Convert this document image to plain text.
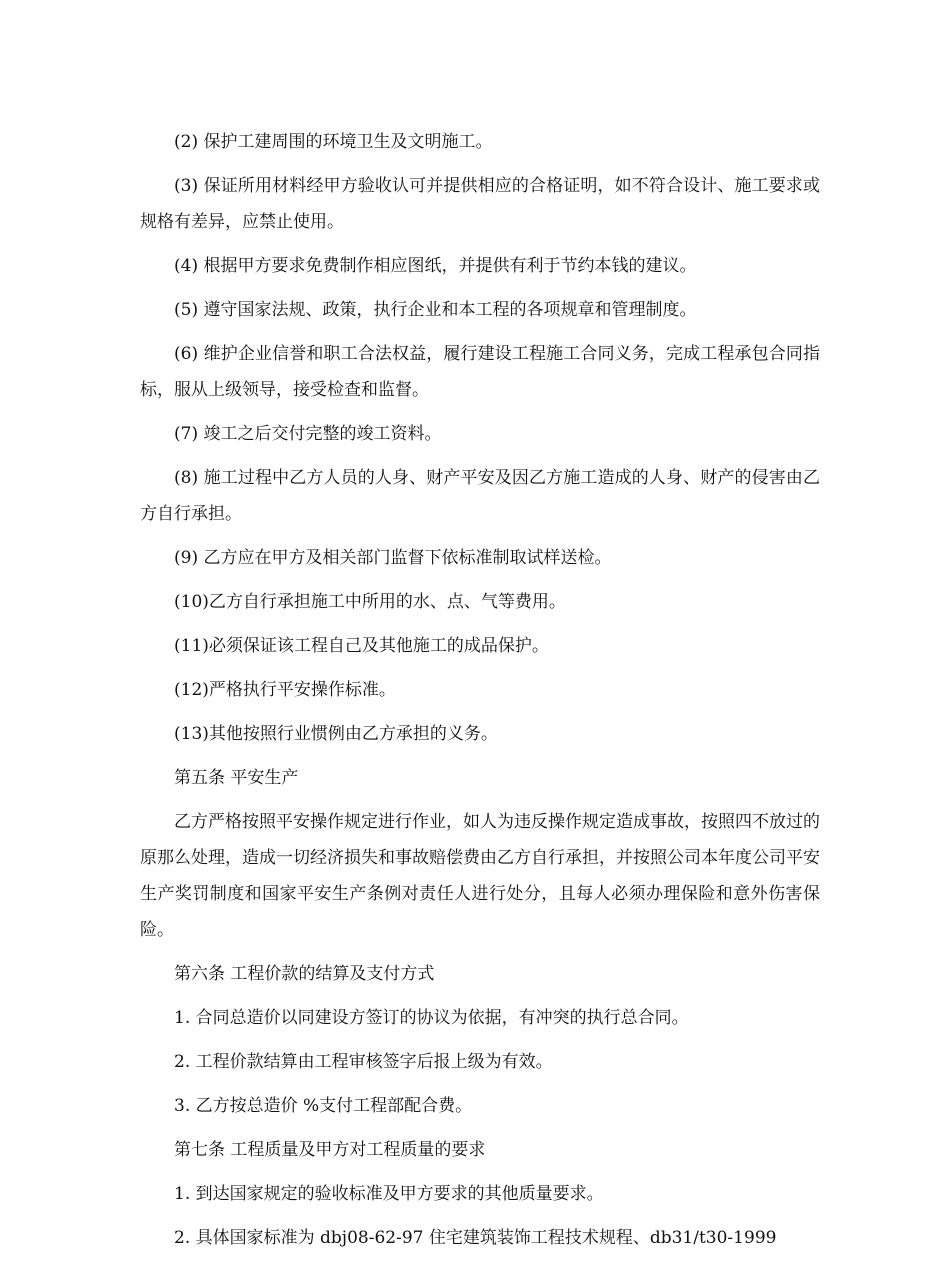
(2) 保护工建周围的环境卫生及文明施工。

(3) 保证所用材料经甲方验收认可并提供相应的合格证明，如不符合设计、施工要求或规格有差异，应禁止使用。

(4) 根据甲方要求免费制作相应图纸，并提供有利于节约本钱的建议。

(5) 遵守国家法规、政策，执行企业和本工程的各项规章和管理制度。

(6) 维护企业信誉和职工合法权益，履行建设工程施工合同义务，完成工程承包合同指标，服从上级领导，接受检查和监督。

(7) 竣工之后交付完整的竣工资料。

(8) 施工过程中乙方人员的人身、财产平安及因乙方施工造成的人身、财产的侵害由乙方自行承担。

(9) 乙方应在甲方及相关部门监督下依标准制取试样送检。

(10)乙方自行承担施工中所用的水、点、气等费用。

(11)必须保证该工程自己及其他施工的成品保护。

(12)严格执行平安操作标准。

(13)其他按照行业惯例由乙方承担的义务。

第五条 平安生产

乙方严格按照平安操作规定进行作业，如人为违反操作规定造成事故，按照四不放过的原那么处理，造成一切经济损失和事故赔偿费由乙方自行承担，并按照公司本年度公司平安生产奖罚制度和国家平安生产条例对责任人进行处分，且每人必须办理保险和意外伤害保险。

第六条 工程价款的结算及支付方式

1. 合同总造价以同建设方签订的协议为依据，有冲突的执行总合同。

2. 工程价款结算由工程审核签字后报上级为有效。

3. 乙方按总造价 %支付工程部配合费。

第七条 工程质量及甲方对工程质量的要求

1. 到达国家规定的验收标准及甲方要求的其他质量要求。

2. 具体国家标准为 dbj08-62-97 住宅建筑装饰工程技术规程、db31/t30-1999
